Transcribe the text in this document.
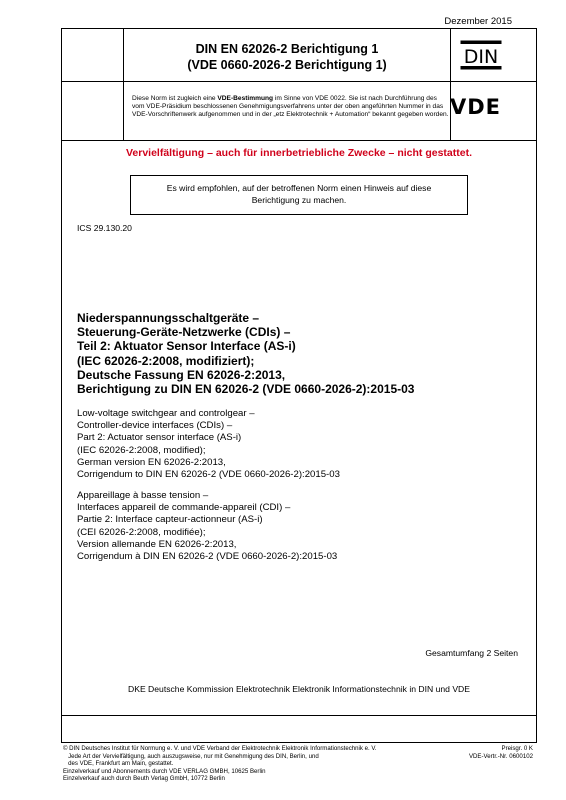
Dezember 2015
DIN EN 62026-2 Berichtigung 1
(VDE 0660-2026-2 Berichtigung 1)	DIN
Diese Norm ist zugleich eine VDE-Bestimmung im Sinne von VDE 0022. Sie ist nach Durchführung des vom VDE-Präsidium beschlossenen Genehmigungsverfahrens unter der oben angeführten Nummer in das VDE-Vorschriftenwerk aufgenommen und in der „etz Elektrotechnik + Automation“ bekannt gegeben worden. VDE
Vervielfältigung – auch für innerbetriebliche Zwecke – nicht gestattet.
Es wird empfohlen, auf der betroffenen Norm einen Hinweis auf diese
Berichtigung zu machen.
ICS 29.130.20
Niederspannungsschaltgeräte –
Steuerung-Geräte-Netzwerke (CDIs) –
Teil 2: Aktuator Sensor Interface (AS-i)
(IEC 62026-2:2008, modifiziert);
Deutsche Fassung EN 62026-2:2013,
Berichtigung zu DIN EN 62026-2 (VDE 0660-2026-2):2015-03
Low-voltage switchgear and controlgear –
Controller-device interfaces (CDIs) –
Part 2: Actuator sensor interface (AS-i)
(IEC 62026-2:2008, modified);
German version EN 62026-2:2013,
Corrigendum to DIN EN 62026-2 (VDE 0660-2026-2):2015-03
Appareillage à basse tension –
Interfaces appareil de commande-appareil (CDI) –
Partie 2: Interface capteur-actionneur (AS-i)
(CEI 62026-2:2008, modifiée);
Version allemande EN 62026-2:2013,
Corrigendum à DIN EN 62026-2 (VDE 0660-2026-2):2015-03
Gesamtumfang 2 Seiten
DKE Deutsche Kommission Elektrotechnik Elektronik Informationstechnik in DIN und VDE
© DIN Deutsches Institut für Normung e. V. und VDE Verband der Elektrotechnik Elektronik Informationstechnik e. V.
Jede Art der Vervielfältigung, auch auszugsweise, nur mit Genehmigung des DIN, Berlin, und
des VDE, Frankfurt am Main, gestattet.
Einzelverkauf und Abonnements durch VDE VERLAG GMBH, 10625 Berlin
Einzelverkauf auch durch Beuth Verlag GmbH, 10772 Berlin
Preisgr. 0 K
VDE-Vertr.-Nr. 0600102
